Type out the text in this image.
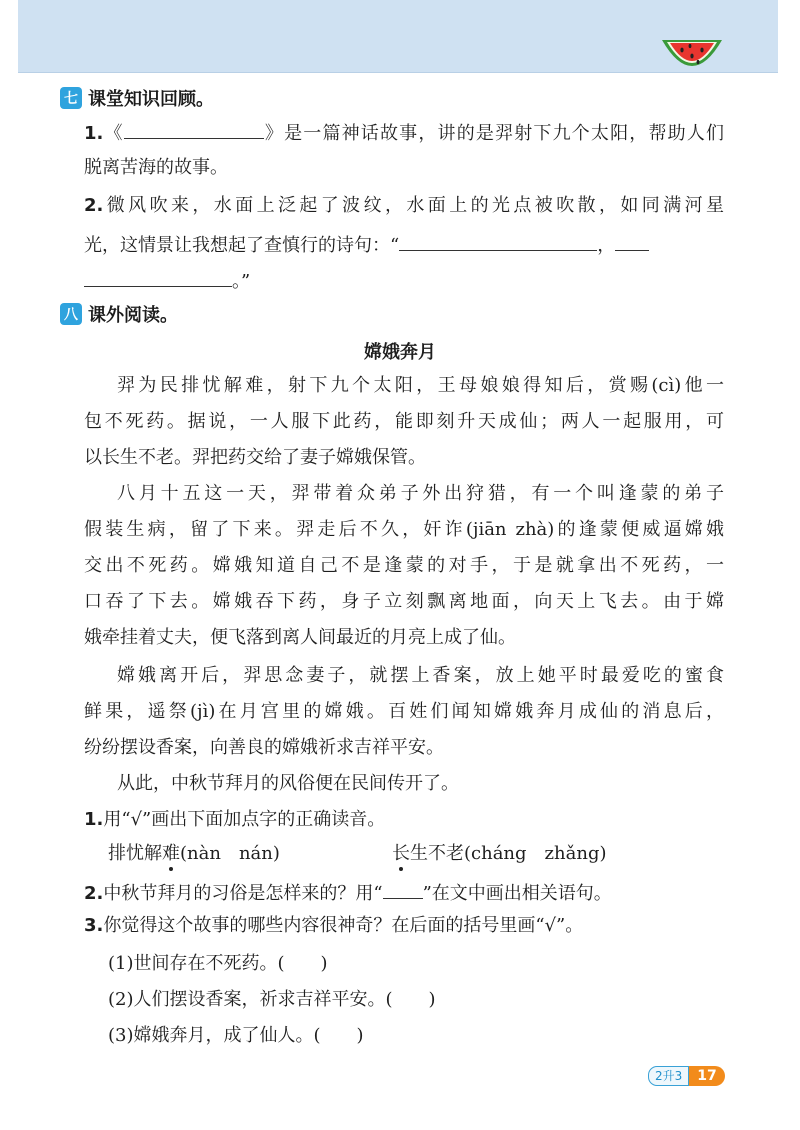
七 课堂知识回顾。
1.《	》是一篇神话故事，讲的是羿射下九个太阳，帮助人们
脱离苦海的故事。
2.微风吹来，水面上泛起了波纹，水面上的光点被吹散，如同满河星
光，这情景让我想起了查慎行的诗句：“	，
。”
八 课外阅读。
嫦娥奔月
羿为民排忧解难，射下九个太阳，王母娘娘得知后，赏赐(cì)他一
包不死药。据说，一人服下此药，能即刻升天成仙；两人一起服用，可
以长生不老。羿把药交给了妻子嫦娥保管。
八月十五这一天，羿带着众弟子外出狩猎，有一个叫逢蒙的弟子
假装生病，留了下来。羿走后不久，奸诈(jiān zhà)的逢蒙便威逼嫦娥
交出不死药。嫦娥知道自己不是逢蒙的对手，于是就拿出不死药，一
口吞了下去。嫦娥吞下药，身子立刻飘离地面，向天上飞去。由于嫦
娥牵挂着丈夫，便飞落到离人间最近的月亮上成了仙。
嫦娥离开后，羿思念妻子，就摆上香案，放上她平时最爱吃的蜜食
鲜果，遥祭(jì)在月宫里的嫦娥。百姓们闻知嫦娥奔月成仙的消息后，
纷纷摆设香案，向善良的嫦娥祈求吉祥平安。
从此，中秋节拜月的风俗便在民间传开了。
1.用“√”画出下面加点字的正确读音。
排忧解难(nàn　nán)	长生不老(cháng　zhǎng)
2.中秋节拜月的习俗是怎样来的？用“ ”在文中画出相关语句。
3.你觉得这个故事的哪些内容很神奇？在后面的括号里画“√”。
(1)世间存在不死药。(　　)
(2)人们摆设香案，祈求吉祥平安。(　　)
(3)嫦娥奔月，成了仙人。(　　)
2升3	17
